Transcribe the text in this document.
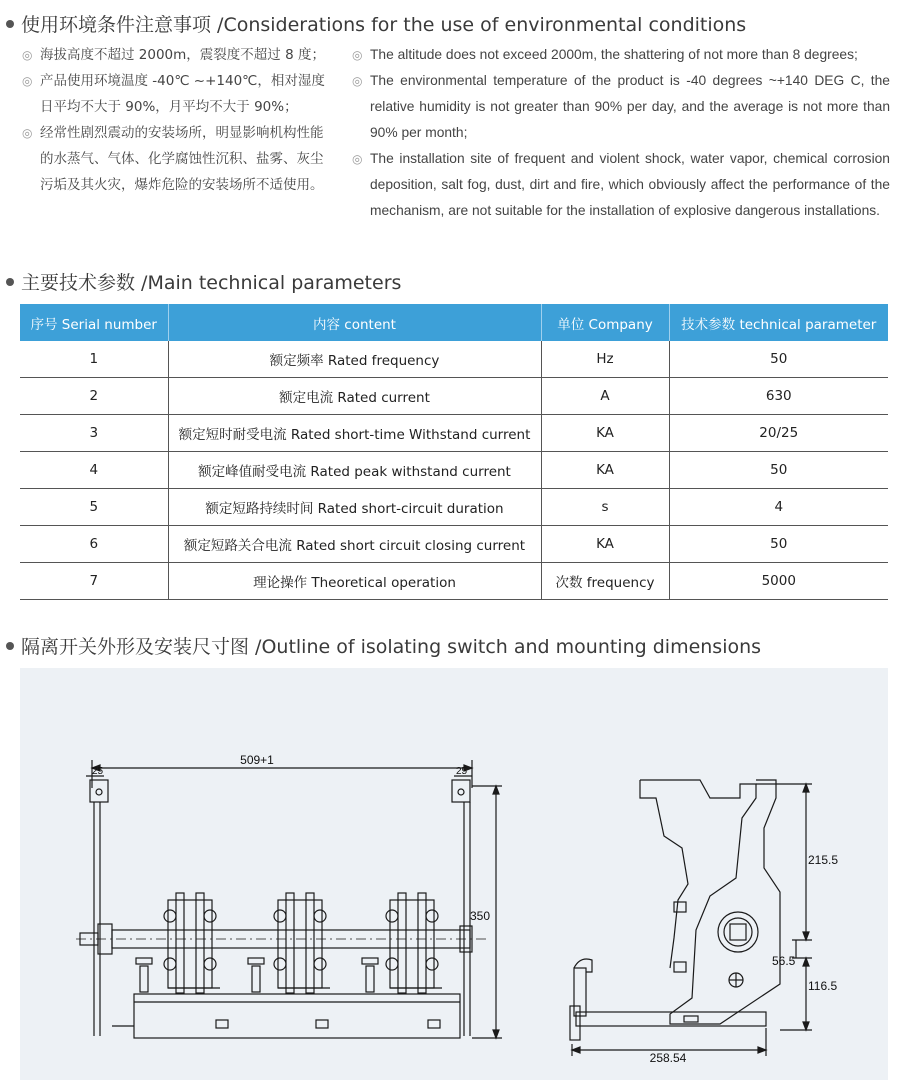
使用环境条件注意事项 /Considerations for the use of environmental conditions
◎ 海拔高度不超过 2000m，震裂度不超过 8 度；
◎ 产品使用环境温度 -40℃ ~+140℃，相对湿度日平均不大于 90%，月平均不大于 90%；
◎ 经常性剧烈震动的安装场所，明显影响机构性能的水蒸气、气体、化学腐蚀性沉积、盐雾、灰尘污垢及其火灾，爆炸危险的安装场所不适使用。
◎ The altitude does not exceed 2000m, the shattering of not more than 8 degrees;
◎ The environmental temperature of the product is -40 degrees ~+140 DEG C, the relative humidity is not greater than 90% per day, and the average is not more than 90% per month;
◎ The installation site of frequent and violent shock, water vapor, chemical corrosion deposition, salt fog, dust, dirt and fire, which obviously affect the performance of the mechanism, are not suitable for the installation of explosive dangerous installations.
主要技术参数 /Main technical parameters
序号 Serial number	内容 content	单位 Company	技术参数 technical parameter
1	额定频率 Rated frequency	Hz	50
2	额定电流 Rated current	A	630
3	额定短时耐受电流 Rated short-time Withstand current	KA	20/25
4	额定峰值耐受电流 Rated peak withstand current	KA	50
5	额定短路持续时间 Rated short-circuit duration	s	4
6	额定短路关合电流 Rated short circuit closing current	KA	50
7	理论操作 Theoretical operation	次数 frequency	5000
隔离开关外形及安装尺寸图 /Outline of isolating switch and mounting dimensions
509+1
350
25	25
215.5
56.5
116.5
258.54
